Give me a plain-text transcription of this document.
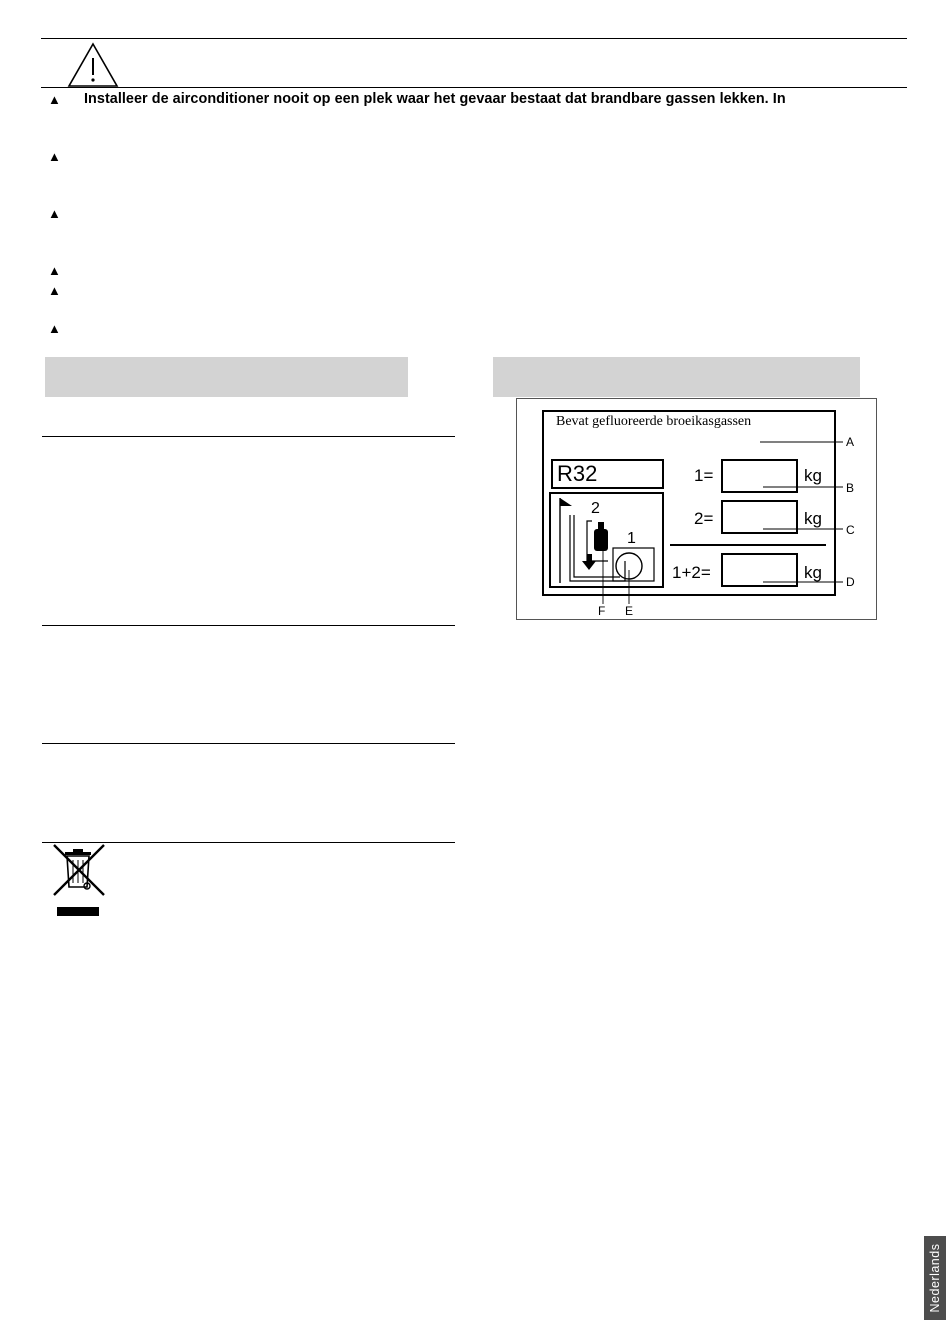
▲ Installeer de airconditioner nooit op een plek waar het gevaar bestaat dat brandbare gassen lekken. In
▲
▲
▲
▲
▲
Bevat gefluoreerde broeikasgassen
R32	1=	kg
2=	kg
1+2=	kg
2
1
A
B
C
D
E
F
Nederlands
